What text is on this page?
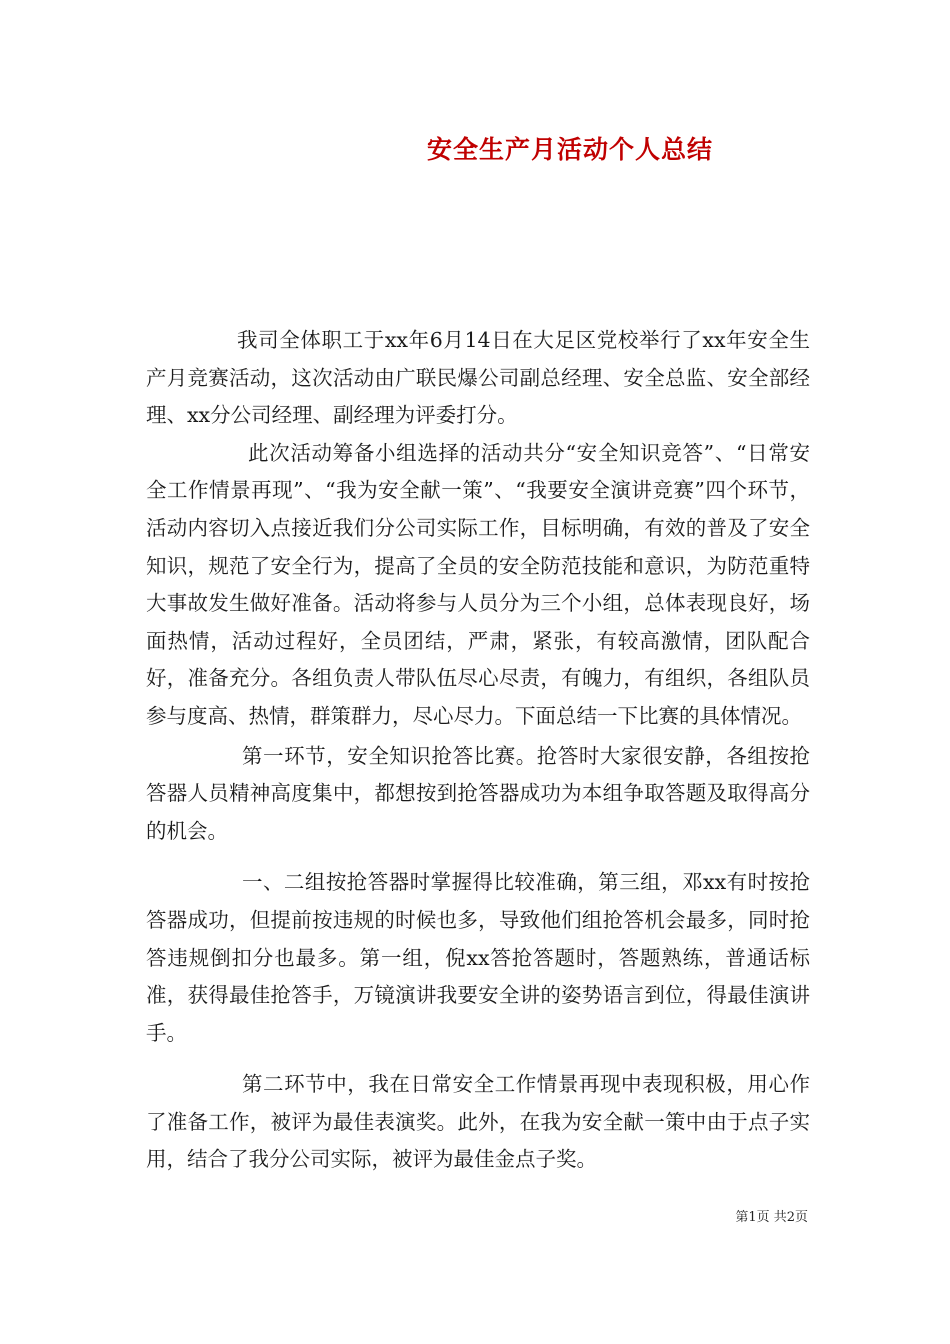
安全生产月活动个人总结

我司全体职工于xx年6月14日在大足区党校举行了xx年安全生产月竞赛活动，这次活动由广联民爆公司副总经理、安全总监、安全部经理、xx分公司经理、副经理为评委打分。

此次活动筹备小组选择的活动共分“安全知识竞答”、“日常安全工作情景再现”、“我为安全献一策”、“我要安全演讲竞赛”四个环节，活动内容切入点接近我们分公司实际工作，目标明确，有效的普及了安全知识，规范了安全行为，提高了全员的安全防范技能和意识，为防范重特大事故发生做好准备。活动将参与人员分为三个小组，总体表现良好，场面热情，活动过程好，全员团结，严肃，紧张，有较高激情，团队配合好，准备充分。各组负责人带队伍尽心尽责，有魄力，有组织，各组队员参与度高、热情，群策群力，尽心尽力。下面总结一下比赛的具体情况。

第一环节，安全知识抢答比赛。抢答时大家很安静，各组按抢答器人员精神高度集中，都想按到抢答器成功为本组争取答题及取得高分的机会。

一、二组按抢答器时掌握得比较准确，第三组，邓xx有时按抢答器成功，但提前按违规的时候也多，导致他们组抢答机会最多，同时抢答违规倒扣分也最多。第一组，倪xx答抢答题时，答题熟练，普通话标准，获得最佳抢答手，万镜演讲我要安全讲的姿势语言到位，得最佳演讲手。

第二环节中，我在日常安全工作情景再现中表现积极，用心作了准备工作，被评为最佳表演奖。此外，在我为安全献一策中由于点子实用，结合了我分公司实际，被评为最佳金点子奖。

第1页 共2页
